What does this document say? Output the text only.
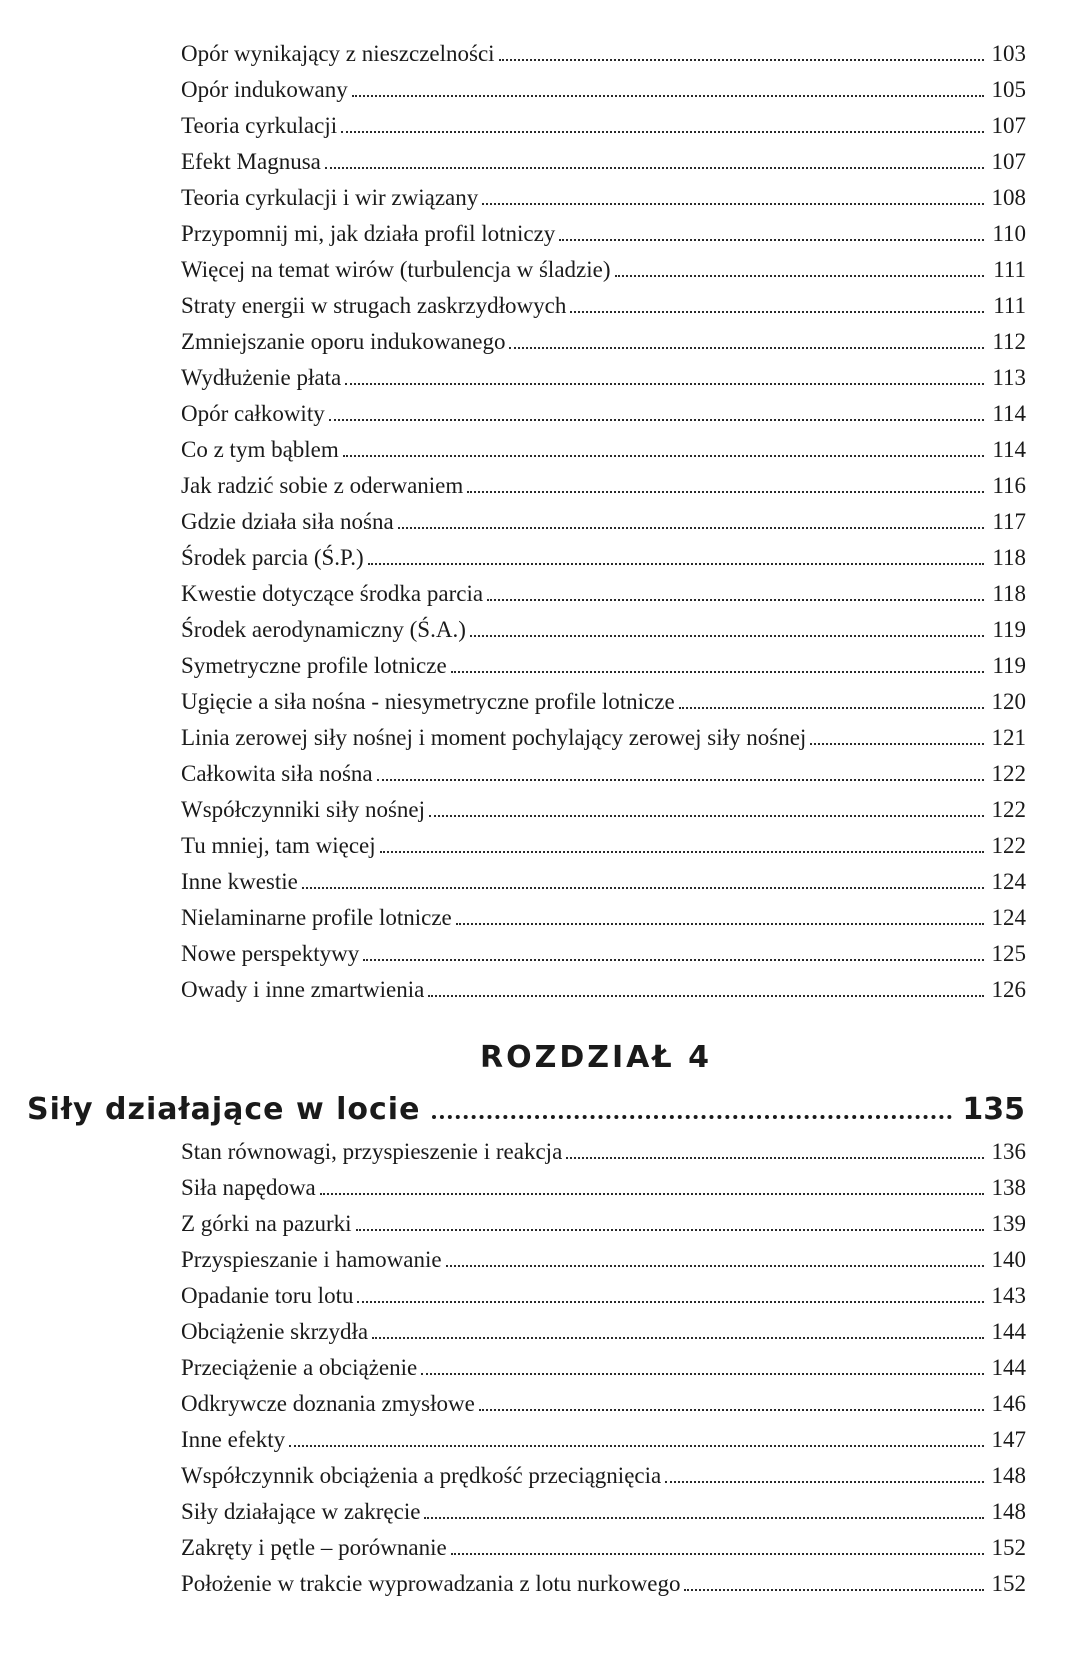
Opór wynikający z nieszczelności	103
Opór indukowany	105
Teoria cyrkulacji	107
Efekt Magnusa	107
Teoria cyrkulacji i wir związany	108
Przypomnij mi, jak działa profil lotniczy	110
Więcej na temat wirów (turbulencja w śladzie)	111
Straty energii w strugach zaskrzydłowych	111
Zmniejszanie oporu indukowanego	112
Wydłużenie płata	113
Opór całkowity	114
Co z tym bąblem	114
Jak radzić sobie z oderwaniem	116
Gdzie działa siła nośna	117
Środek parcia (Ś.P.)	118
Kwestie dotyczące środka parcia	118
Środek aerodynamiczny (Ś.A.)	119
Symetryczne profile lotnicze	119
Ugięcie a siła nośna - niesymetryczne profile lotnicze	120
Linia zerowej siły nośnej i moment pochylający zerowej siły nośnej	121
Całkowita siła nośna	122
Współczynniki siły nośnej	122
Tu mniej, tam więcej	122
Inne kwestie	124
Nielaminarne profile lotnicze	124
Nowe perspektywy	125
Owady i inne zmartwienia	126
ROZDZIAŁ 4
Siły działające w locie	135
Stan równowagi, przyspieszenie i reakcja	136
Siła napędowa	138
Z górki na pazurki	139
Przyspieszanie i hamowanie	140
Opadanie toru lotu	143
Obciążenie skrzydła	144
Przeciążenie a obciążenie	144
Odkrywcze doznania zmysłowe	146
Inne efekty	147
Współczynnik obciążenia a prędkość przeciągnięcia	148
Siły działające w zakręcie	148
Zakręty i pętle – porównanie	152
Położenie w trakcie wyprowadzania z lotu nurkowego	152
